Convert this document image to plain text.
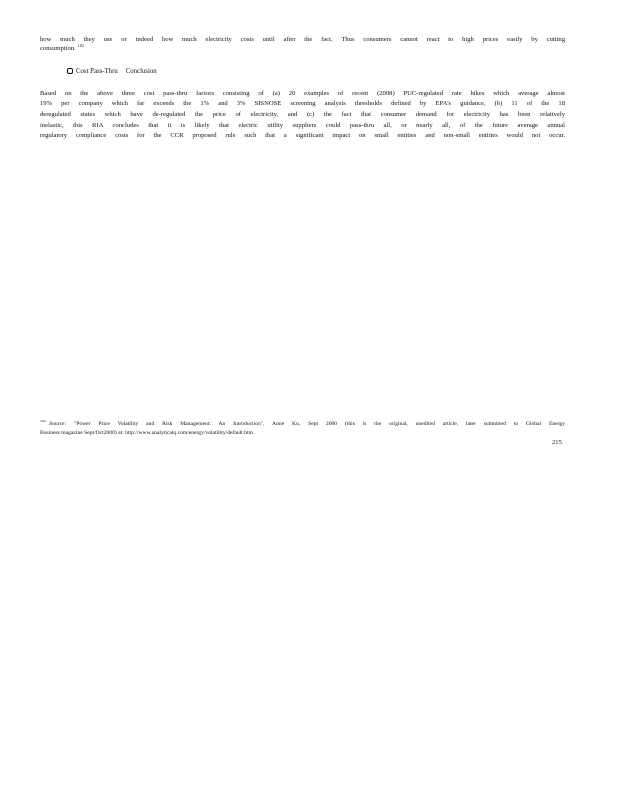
how much they use or indeed how much electricity costs until after the fact. Thus consumers cannot react to high prices easily by cutting
consumption. $^{182}$
Cost Pass-Thru Conclusion
Based on the above three cost pass-thru factors consisting of (a) 20 examples of recent (2008) PUC-regulated rate hikes which average almost
19% per company which far exceeds the 1% and 3% SISNOSE screening analysis thresholds defined by EPA's guidance, (b) 11 of the 18
deregulated states which have de-regulated the price of electricity, and (c) the fact that consumer demand for electricity has been relatively
inelastic, this RIA concludes that it is likely that electric utility suppliers could pass-thru all, or nearly all, of the future average annual
regulatory compliance costs for the CCR proposed rule such that a significant impact on small entities and non-small entities would not occur.
$^{182}$Source: "Power Price Volatility and Risk Management: An Introduction", Anne Ku, Sept 2000 (this is the original, unedited article, later submitted to Global Energy
Business magazine Sept/Oct2000) at: http://www.analyticalq.com/energy/volatility/default.htm.
215
